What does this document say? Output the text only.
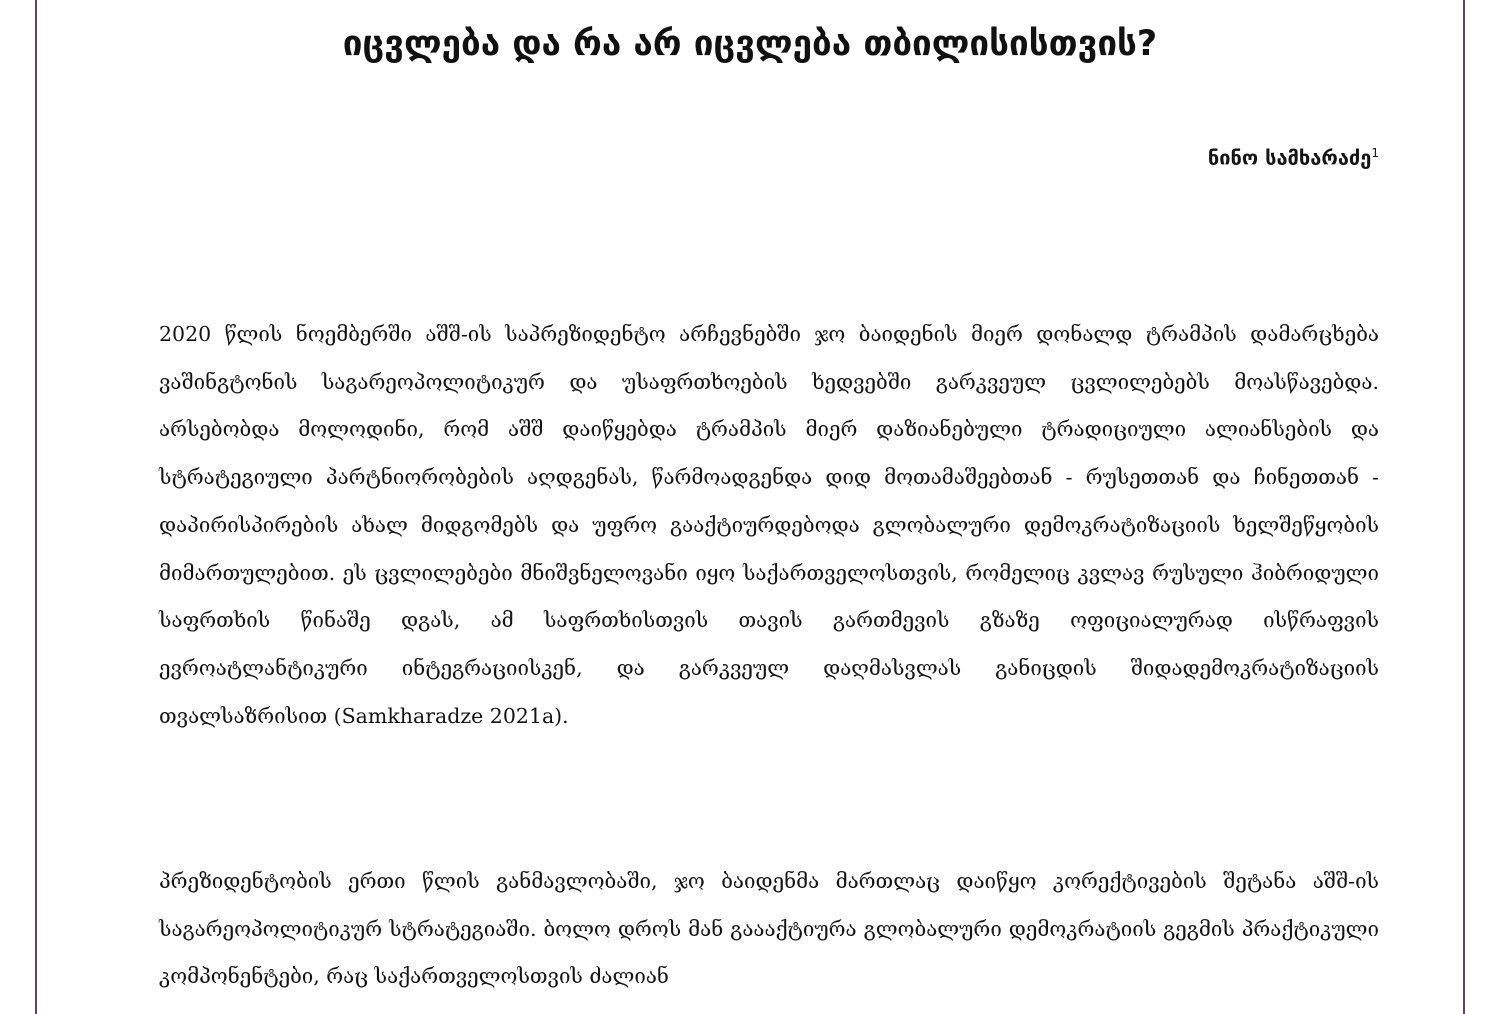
იცვლება და რა არ იცვლება თბილისისთვის?
ნინო სამხარაძე$^1$

2020 წლის ნოემბერში აშშ-ის საპრეზიდენტო არჩევნებში ჯო ბაიდენის მიერ დონალდ ტრამპის დამარცხება ვაშინგტონის საგარეოპოლიტიკურ და უსაფრთხოების ხედვებში გარკვეულ ცვლილებებს მოასწავებდა. არსებობდა მოლოდინი, რომ აშშ დაიწყებდა ტრამპის მიერ დაზიანებული ტრადიციული ალიანსების და სტრატეგიული პარტნიორობების აღდგენას, წარმოადგენდა დიდ მოთამაშეებთან - რუსეთთან და ჩინეთთან - დაპირისპირების ახალ მიდგომებს და უფრო გააქტიურდებოდა გლობალური დემოკრატიზაციის ხელშეწყობის მიმართულებით. ეს ცვლილებები მნიშვნელოვანი იყო საქართველოსთვის, რომელიც კვლავ რუსული ჰიბრიდული საფრთხის წინაშე დგას, ამ საფრთხისთვის თავის გართმევის გზაზე ოფიციალურად ისწრაფვის ევროატლანტიკური ინტეგრაციისკენ, და გარკვეულ დაღმასვლას განიცდის შიდადემოკრატიზაციის თვალსაზრისით (Samkharadze 2021a).

პრეზიდენტობის ერთი წლის განმავლობაში, ჯო ბაიდენმა მართლაც დაიწყო კორექტივების შეტანა აშშ-ის საგარეოპოლიტიკურ სტრატეგიაში. ბოლო დროს მან გაააქტიურა გლობალური დემოკრატიის გეგმის პრაქტიკული კომპონენტები, რაც საქართველოსთვის ძალიან
